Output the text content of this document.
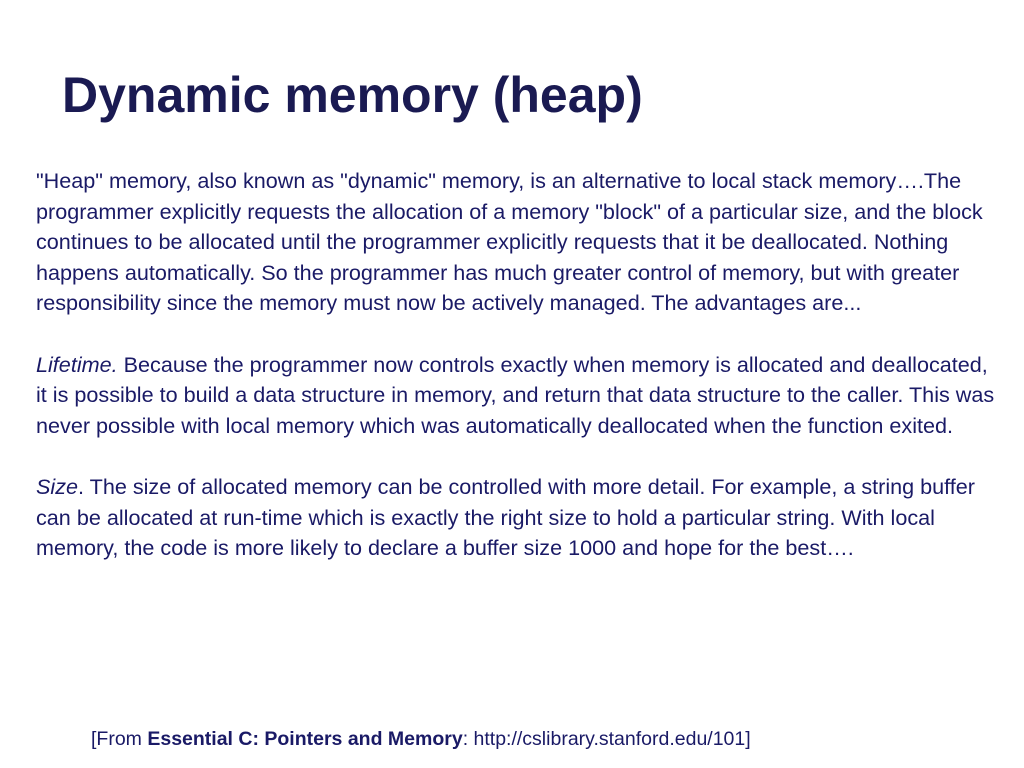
Dynamic memory (heap)

"Heap" memory, also known as "dynamic" memory, is an alternative to local stack memory….The programmer explicitly requests the allocation of a memory "block" of a particular size, and the block continues to be allocated until the programmer explicitly requests that it be deallocated. Nothing happens automatically. So the programmer has much greater control of memory, but with greater responsibility since the memory must now be actively managed. The advantages are...

Lifetime. Because the programmer now controls exactly when memory is allocated and deallocated, it is possible to build a data structure in memory, and return that data structure to the caller. This was never possible with local memory which was automatically deallocated when the function exited.

Size. The size of allocated memory can be controlled with more detail. For example, a string buffer can be allocated at run-time which is exactly the right size to hold a particular string. With local memory, the code is more likely to declare a buffer size 1000 and hope for the best….

[From Essential C: Pointers and Memory: http://cslibrary.stanford.edu/101]
